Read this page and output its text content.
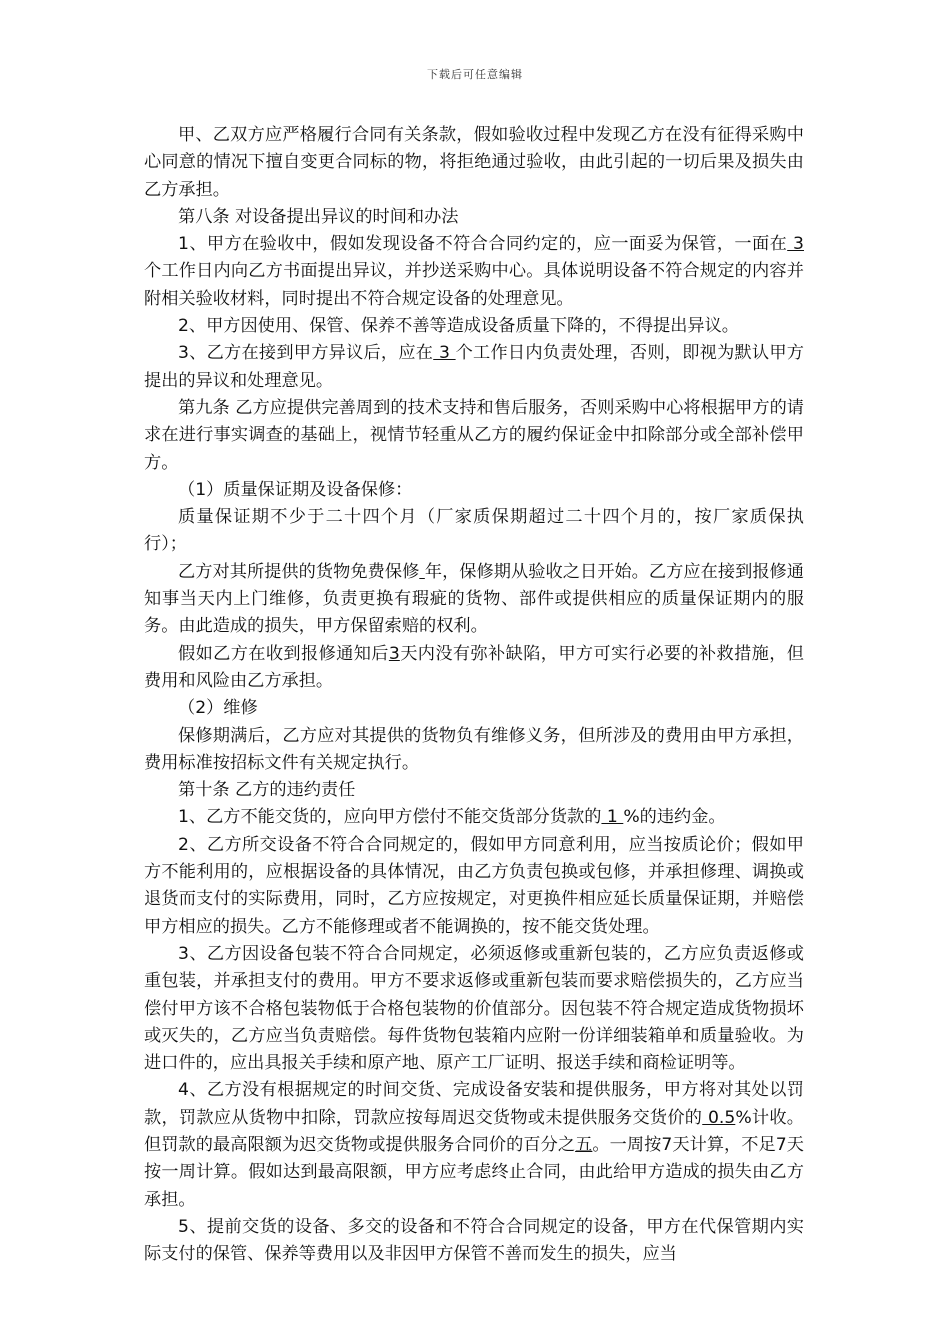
下载后可任意编辑

甲、乙双方应严格履行合同有关条款，假如验收过程中发现乙方在没有征得采购中心同意的情况下擅自变更合同标的物，将拒绝通过验收，由此引起的一切后果及损失由乙方承担。

第八条 对设备提出异议的时间和办法

1、甲方在验收中，假如发现设备不符合合同约定的，应一面妥为保管，一面在 3 个工作日内向乙方书面提出异议，并抄送采购中心。具体说明设备不符合规定的内容并附相关验收材料，同时提出不符合规定设备的处理意见。

2、甲方因使用、保管、保养不善等造成设备质量下降的，不得提出异议。

3、乙方在接到甲方异议后，应在 3 个工作日内负责处理，否则，即视为默认甲方提出的异议和处理意见。

第九条 乙方应提供完善周到的技术支持和售后服务，否则采购中心将根据甲方的请求在进行事实调查的基础上，视情节轻重从乙方的履约保证金中扣除部分或全部补偿甲方。

（1）质量保证期及设备保修：

质量保证期不少于二十四个月（厂家质保期超过二十四个月的，按厂家质保执行）；

乙方对其所提供的货物免费保修 年，保修期从验收之日开始。乙方应在接到报修通知事当天内上门维修，负责更换有瑕疵的货物、部件或提供相应的质量保证期内的服务。由此造成的损失，甲方保留索赔的权利。

假如乙方在收到报修通知后3天内没有弥补缺陷，甲方可实行必要的补救措施，但费用和风险由乙方承担。

（2）维修

保修期满后，乙方应对其提供的货物负有维修义务，但所涉及的费用由甲方承担，费用标准按招标文件有关规定执行。

第十条 乙方的违约责任

1、乙方不能交货的，应向甲方偿付不能交货部分货款的 1 %的违约金。

2、乙方所交设备不符合合同规定的，假如甲方同意利用，应当按质论价；假如甲方不能利用的，应根据设备的具体情况，由乙方负责包换或包修，并承担修理、调换或退货而支付的实际费用，同时，乙方应按规定，对更换件相应延长质量保证期，并赔偿甲方相应的损失。乙方不能修理或者不能调换的，按不能交货处理。

3、乙方因设备包装不符合合同规定，必须返修或重新包装的，乙方应负责返修或重包装，并承担支付的费用。甲方不要求返修或重新包装而要求赔偿损失的，乙方应当偿付甲方该不合格包装物低于合格包装物的价值部分。因包装不符合规定造成货物损坏或灭失的，乙方应当负责赔偿。每件货物包装箱内应附一份详细装箱单和质量验收。为进口件的，应出具报关手续和原产地、原产工厂证明、报送手续和商检证明等。

4、乙方没有根据规定的时间交货、完成设备安装和提供服务，甲方将对其处以罚款，罚款应从货物中扣除，罚款应按每周迟交货物或未提供服务交货价的 0.5%计收。但罚款的最高限额为迟交货物或提供服务合同价的百分之五。一周按7天计算，不足7天按一周计算。假如达到最高限额，甲方应考虑终止合同，由此给甲方造成的损失由乙方承担。

5、提前交货的设备、多交的设备和不符合合同规定的设备，甲方在代保管期内实际支付的保管、保养等费用以及非因甲方保管不善而发生的损失，应当
